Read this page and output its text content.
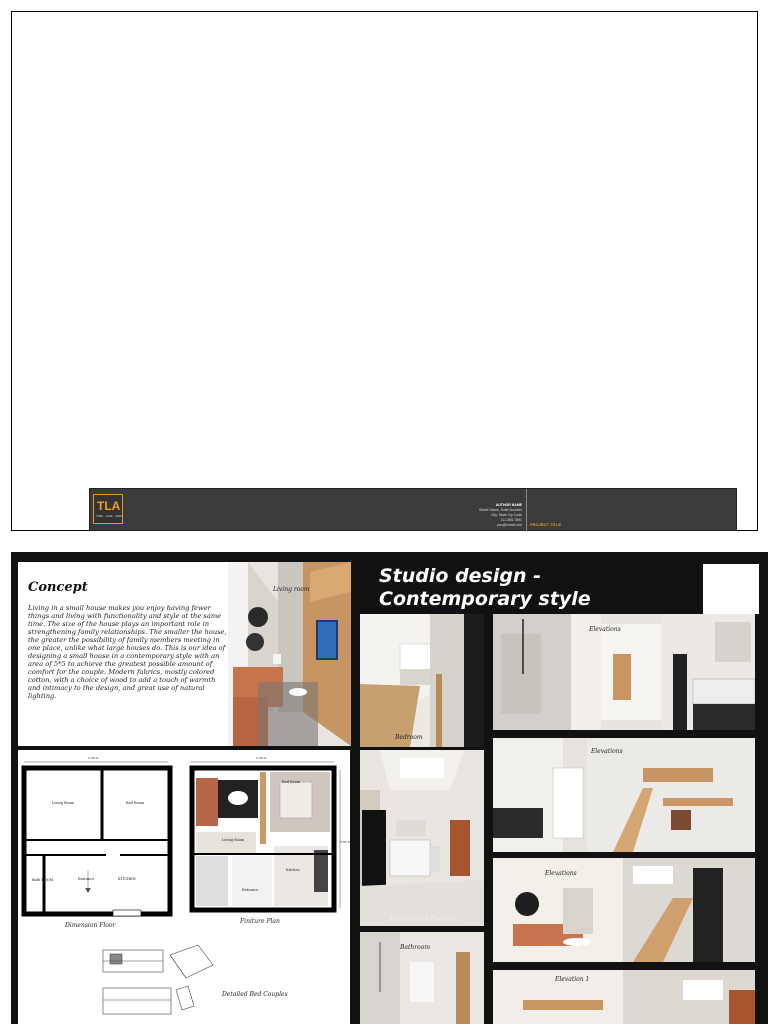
TLA
TIME · LINE · AREA
AUTHOR NAME
Street Name, Suite Number
City, State Zip Code
111-555-7891
you@email.com PROJECT TITLE
Concept
Living in a small house makes you enjoy having fewer things and living with functionality and style at the same time. The size of the house plays an important role in strengthening family relationships. The smaller the house, the greater the possibility of family members meeting in one place, unlike what large houses do. This is our idea of designing a small house in a contemporary style with an area of 5*5 to achieve the greatest possible amount of comfort for the couple. Modern fabrics, mostly colored cotton, with a choice of wood to add a touch of warmth and intimacy to the design, and great use of natural lighting.
Living room
Living Room	Bed Room
Bath ROOM	Entrance	KITCHEN
Living Room
Bed Room
Kitchen
Entrance
5.00 m	5.00 m
5.00 m
Dimension Floor
Finiture Plan
Detailed Bed Couples
Studio design -
Contemporary style
Bedroom
Elevations
Kitchen with Entrance
Elevations
Elevations
Bathroom
Elevation 1
